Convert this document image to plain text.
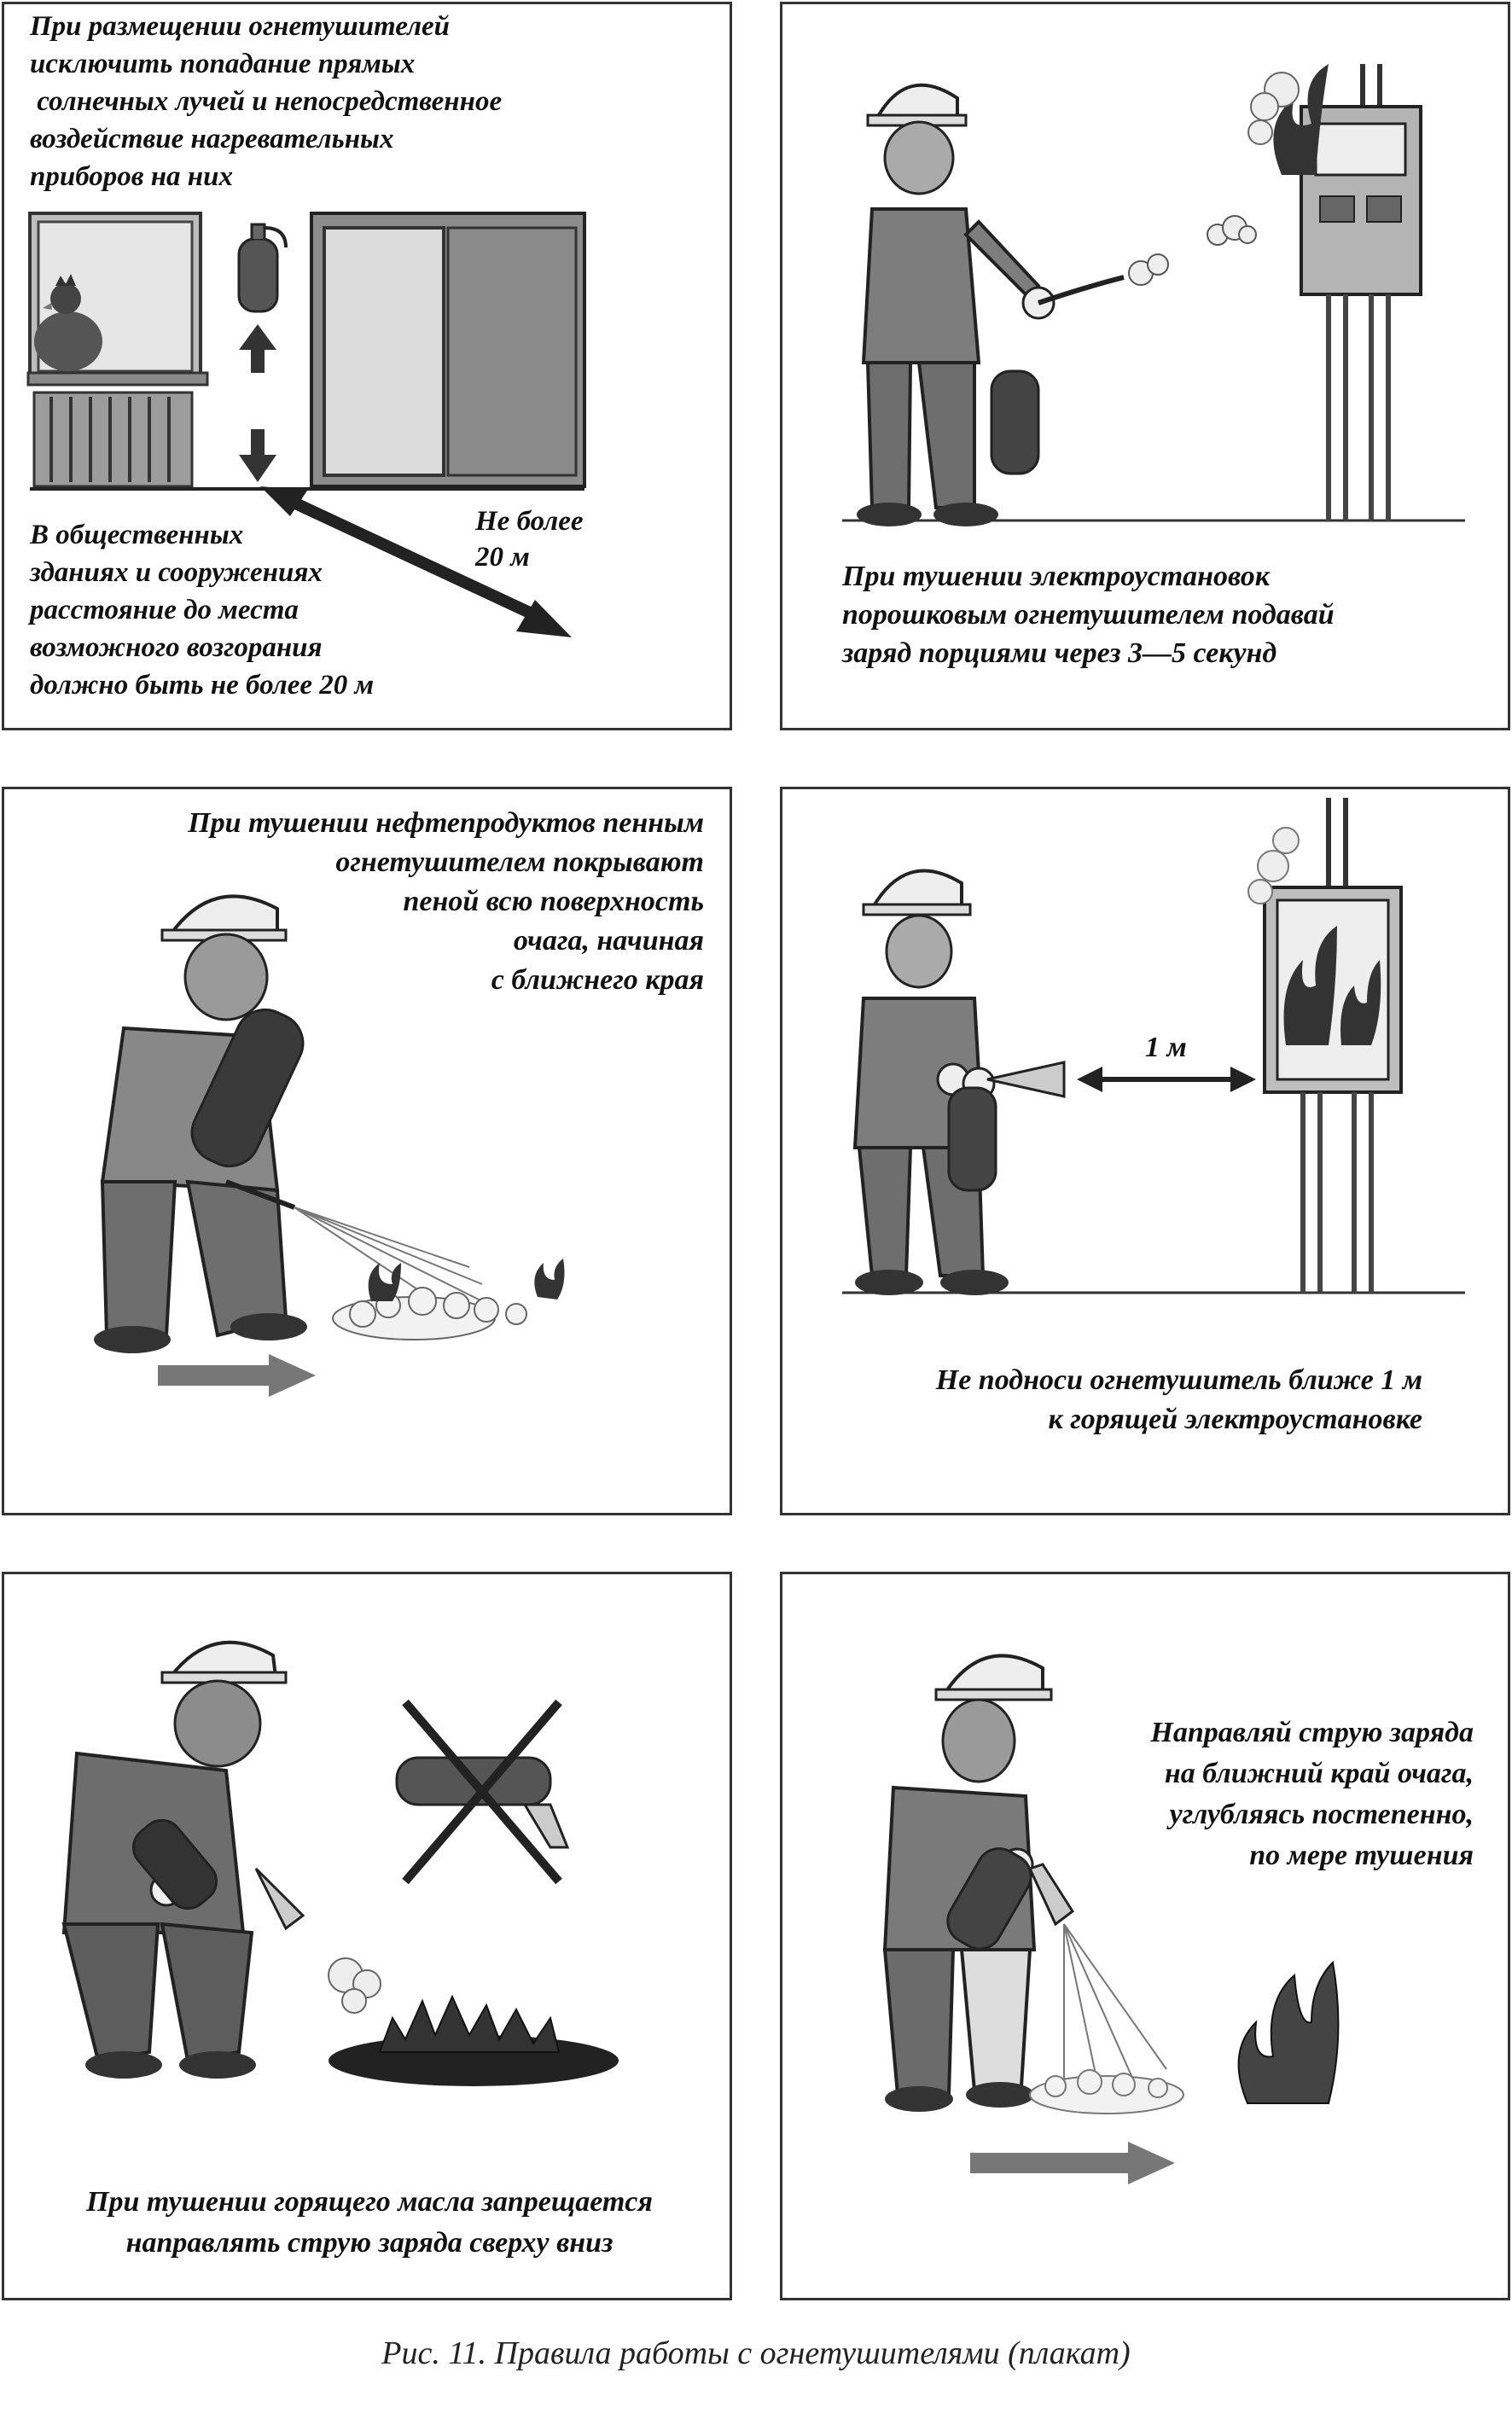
При размещении огнетушителей
исключить попадание прямых
солнечных лучей и непосредственное
воздействие нагревательных
приборов на них
Не более
20 м
В общественных
зданиях и сооружениях
расстояние до места
возможного возгорания
должно быть не более 20 м
При тушении электроустановок
порошковым огнетушителем подавай
заряд порциями через 3—5 секунд
При тушении нефтепродуктов пенным
огнетушителем покрывают
пеной всю поверхность
очага, начиная
с ближнего края
1 м
Не подноси огнетушитель ближе 1 м
к горящей электроустановке
При тушении горящего масла запрещается
направлять струю заряда сверху вниз
Направляй струю заряда
на ближний край очага,
углубляясь постепенно,
по мере тушения
Рис. 11. Правила работы с огнетушителями (плакат)
